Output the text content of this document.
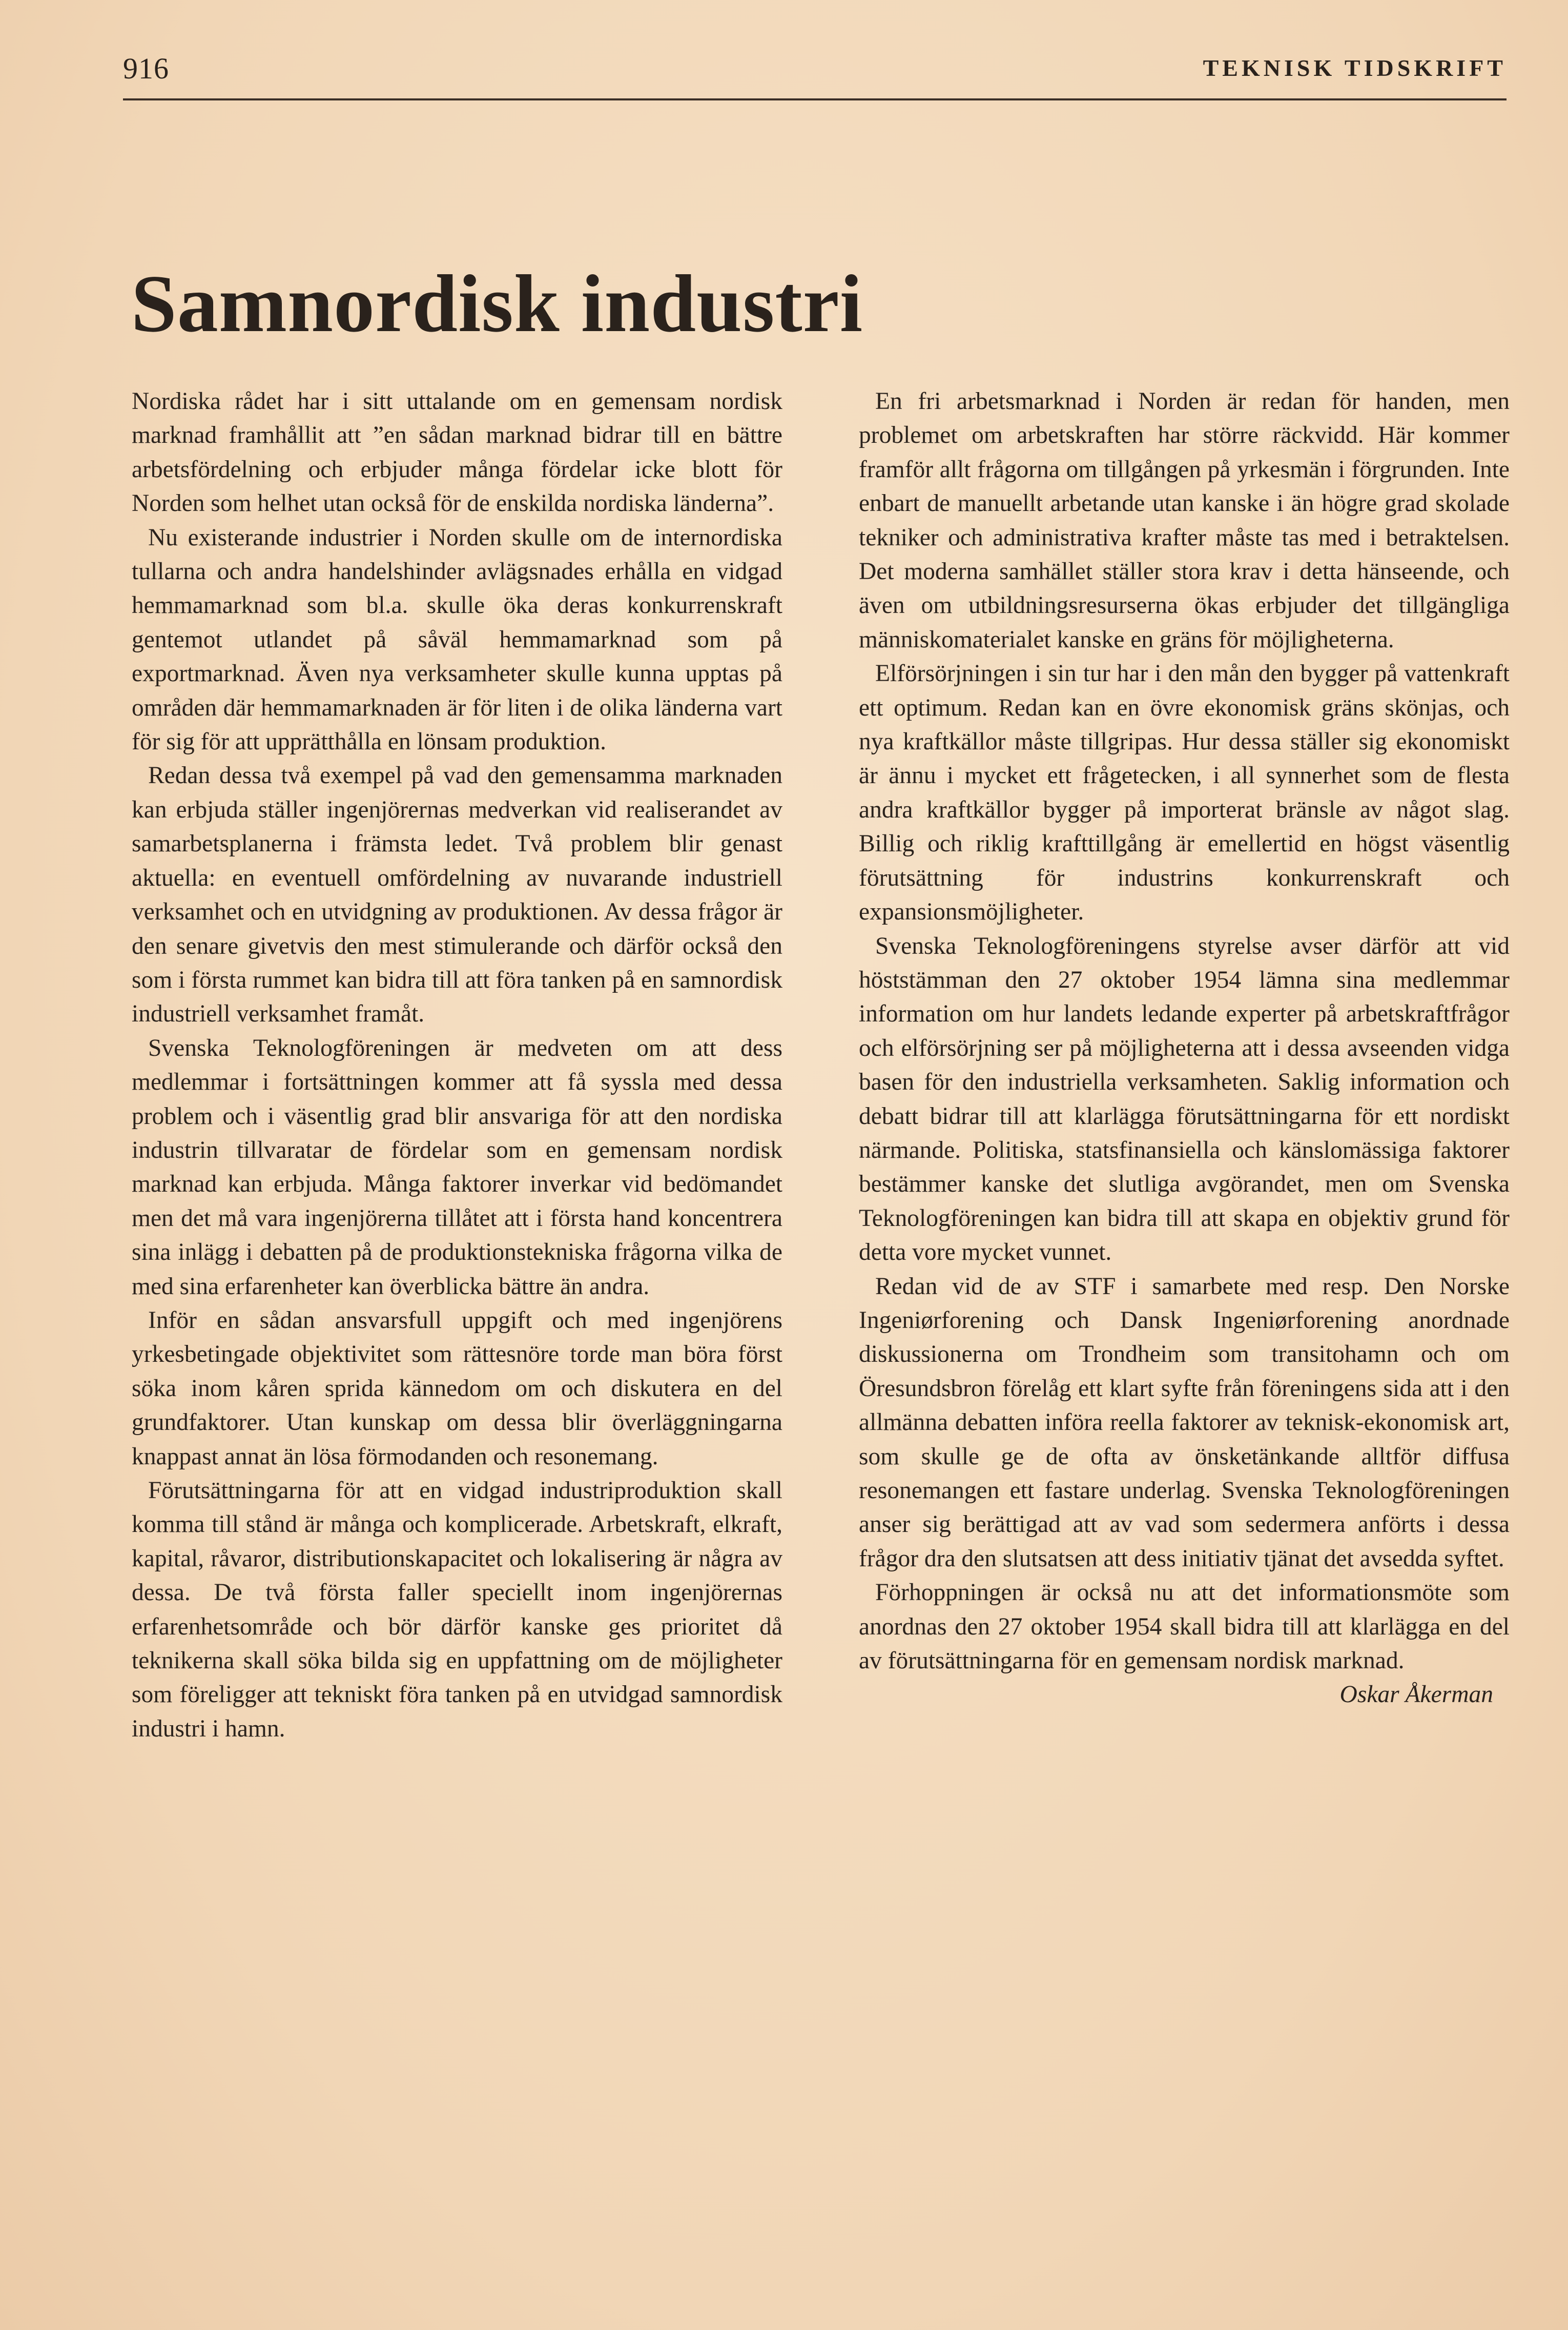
916	TEKNISK TIDSKRIFT
Samnordisk industri

Nordiska rådet har i sitt uttalande om en gemensam nordisk marknad framhållit att ”en sådan marknad bidrar till en bättre arbetsfördelning och erbjuder många fördelar icke blott för Norden som helhet utan också för de enskilda nordiska länderna”.

Nu existerande industrier i Norden skulle om de internordiska tullarna och andra handelshinder avlägsnades erhålla en vidgad hemmamarknad som bl.a. skulle öka deras konkurrenskraft gentemot utlandet på såväl hemmamarknad som på exportmarknad. Även nya verksamheter skulle kunna upptas på områden där hemmamarknaden är för liten i de olika länderna vart för sig för att upprätthålla en lönsam produktion.

Redan dessa två exempel på vad den gemensamma marknaden kan erbjuda ställer ingenjörernas medverkan vid realiserandet av samarbetsplanerna i främsta ledet. Två problem blir genast aktuella: en eventuell omfördelning av nuvarande industriell verksamhet och en utvidgning av produktionen. Av dessa frågor är den senare givetvis den mest stimulerande och därför också den som i första rummet kan bidra till att föra tanken på en samnordisk industriell verksamhet framåt.

Svenska Teknologföreningen är medveten om att dess medlemmar i fortsättningen kommer att få syssla med dessa problem och i väsentlig grad blir ansvariga för att den nordiska industrin tillvaratar de fördelar som en gemensam nordisk marknad kan erbjuda. Många faktorer inverkar vid bedömandet men det må vara ingenjörerna tillåtet att i första hand koncentrera sina inlägg i debatten på de produktionstekniska frågorna vilka de med sina erfarenheter kan överblicka bättre än andra.

Inför en sådan ansvarsfull uppgift och med ingenjörens yrkesbetingade objektivitet som rättesnöre torde man böra först söka inom kåren sprida kännedom om och diskutera en del grundfaktorer. Utan kunskap om dessa blir överläggningarna knappast annat än lösa förmodanden och resonemang.

Förutsättningarna för att en vidgad industriproduktion skall komma till stånd är många och komplicerade. Arbetskraft, elkraft, kapital, råvaror, distributionskapacitet och lokalisering är några av dessa. De två första faller speciellt inom ingenjörernas erfarenhetsområde och bör därför kanske ges prioritet då teknikerna skall söka bilda sig en uppfattning om de möjligheter som föreligger att tekniskt föra tanken på en utvidgad samnordisk industri i hamn.

En fri arbetsmarknad i Norden är redan för handen, men problemet om arbetskraften har större räckvidd. Här kommer framför allt frågorna om tillgången på yrkesmän i förgrunden. Inte enbart de manuellt arbetande utan kanske i än högre grad skolade tekniker och administrativa krafter måste tas med i betraktelsen. Det moderna samhället ställer stora krav i detta hänseende, och även om utbildningsresurserna ökas erbjuder det tillgängliga människomaterialet kanske en gräns för möjligheterna.

Elförsörjningen i sin tur har i den mån den bygger på vattenkraft ett optimum. Redan kan en övre ekonomisk gräns skönjas, och nya kraftkällor måste tillgripas. Hur dessa ställer sig ekonomiskt är ännu i mycket ett frågetecken, i all synnerhet som de flesta andra kraftkällor bygger på importerat bränsle av något slag. Billig och riklig krafttillgång är emellertid en högst väsentlig förutsättning för industrins konkurrenskraft och expansionsmöjligheter.

Svenska Teknologföreningens styrelse avser därför att vid höststämman den 27 oktober 1954 lämna sina medlemmar information om hur landets ledande experter på arbetskraftfrågor och elförsörjning ser på möjligheterna att i dessa avseenden vidga basen för den industriella verksamheten. Saklig information och debatt bidrar till att klarlägga förutsättningarna för ett nordiskt närmande. Politiska, statsfinansiella och känslomässiga faktorer bestämmer kanske det slutliga avgörandet, men om Svenska Teknologföreningen kan bidra till att skapa en objektiv grund för detta vore mycket vunnet.

Redan vid de av STF i samarbete med resp. Den Norske Ingeniørforening och Dansk Ingeniørforening anordnade diskussionerna om Trondheim som transitohamn och om Öresundsbron förelåg ett klart syfte från föreningens sida att i den allmänna debatten införa reella faktorer av teknisk-ekonomisk art, som skulle ge de ofta av önsketänkande alltför diffusa resonemangen ett fastare underlag. Svenska Teknologföreningen anser sig berättigad att av vad som sedermera anförts i dessa frågor dra den slutsatsen att dess initiativ tjänat det avsedda syftet.

Förhoppningen är också nu att det informationsmöte som anordnas den 27 oktober 1954 skall bidra till att klarlägga en del av förutsättningarna för en gemensam nordisk marknad.

Oskar Åkerman
